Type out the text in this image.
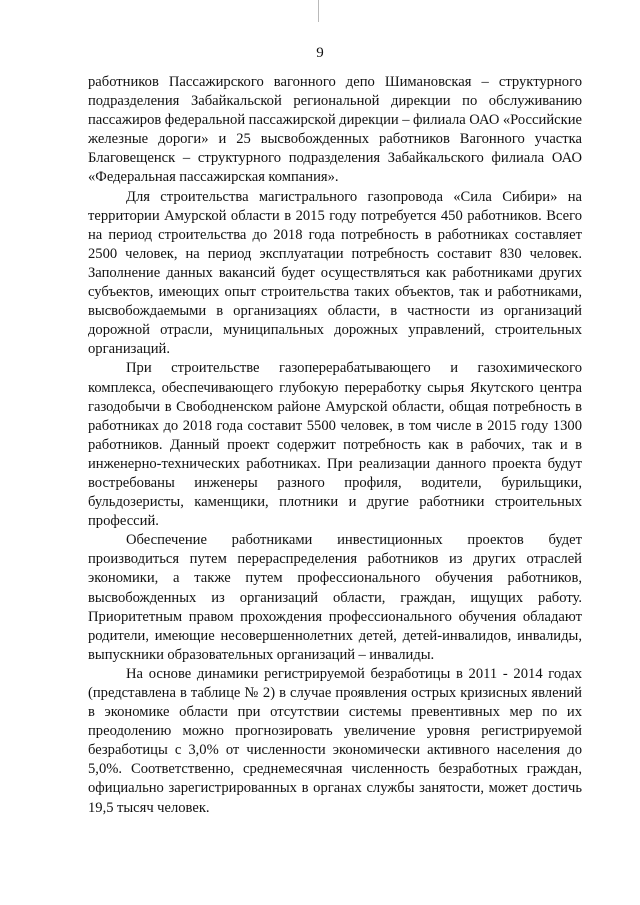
9

работников Пассажирского вагонного депо Шимановская – структурного подразделения Забайкальской региональной дирекции по обслуживанию пассажиров федеральной пассажирской дирекции – филиала ОАО «Российские железные дороги» и 25 высвобожденных работников Вагонного участка Благовещенск – структурного подразделения Забайкальского филиала ОАО «Федеральная пассажирская компания».

Для строительства магистрального газопровода «Сила Сибири» на территории Амурской области в 2015 году потребуется 450 работников. Всего на период строительства до 2018 года потребность в работниках составляет 2500 человек, на период эксплуатации потребность составит 830 человек. Заполнение данных вакансий будет осуществляться как работниками других субъектов, имеющих опыт строительства таких объектов, так и работниками, высвобождаемыми в организациях области, в частности из организаций дорожной отрасли, муниципальных дорожных управлений, строительных организаций.

При строительстве газоперерабатывающего и газохимического комплекса, обеспечивающего глубокую переработку сырья Якутского центра газодобычи в Свободненском районе Амурской области, общая потребность в работниках до 2018 года составит 5500 человек, в том числе в 2015 году 1300 работников. Данный проект содержит потребность как в рабочих, так и в инженерно-технических работниках. При реализации данного проекта будут востребованы инженеры разного профиля, водители, бурильщики, бульдозеристы, каменщики, плотники и другие работники строительных профессий.

Обеспечение работниками инвестиционных проектов будет производиться путем перераспределения работников из других отраслей экономики, а также путем профессионального обучения работников, высвобожденных из организаций области, граждан, ищущих работу. Приоритетным правом прохождения профессионального обучения обладают родители, имеющие несовершеннолетних детей, детей-инвалидов, инвалиды, выпускники образовательных организаций – инвалиды.

На основе динамики регистрируемой безработицы в 2011 - 2014 годах (представлена в таблице № 2) в случае проявления острых кризисных явлений в экономике области при отсутствии системы превентивных мер по их преодолению можно прогнозировать увеличение уровня регистрируемой безработицы с 3,0% от численности экономически активного населения до 5,0%. Соответственно, среднемесячная численность безработных граждан, официально зарегистрированных в органах службы занятости, может достичь 19,5 тысяч человек.
